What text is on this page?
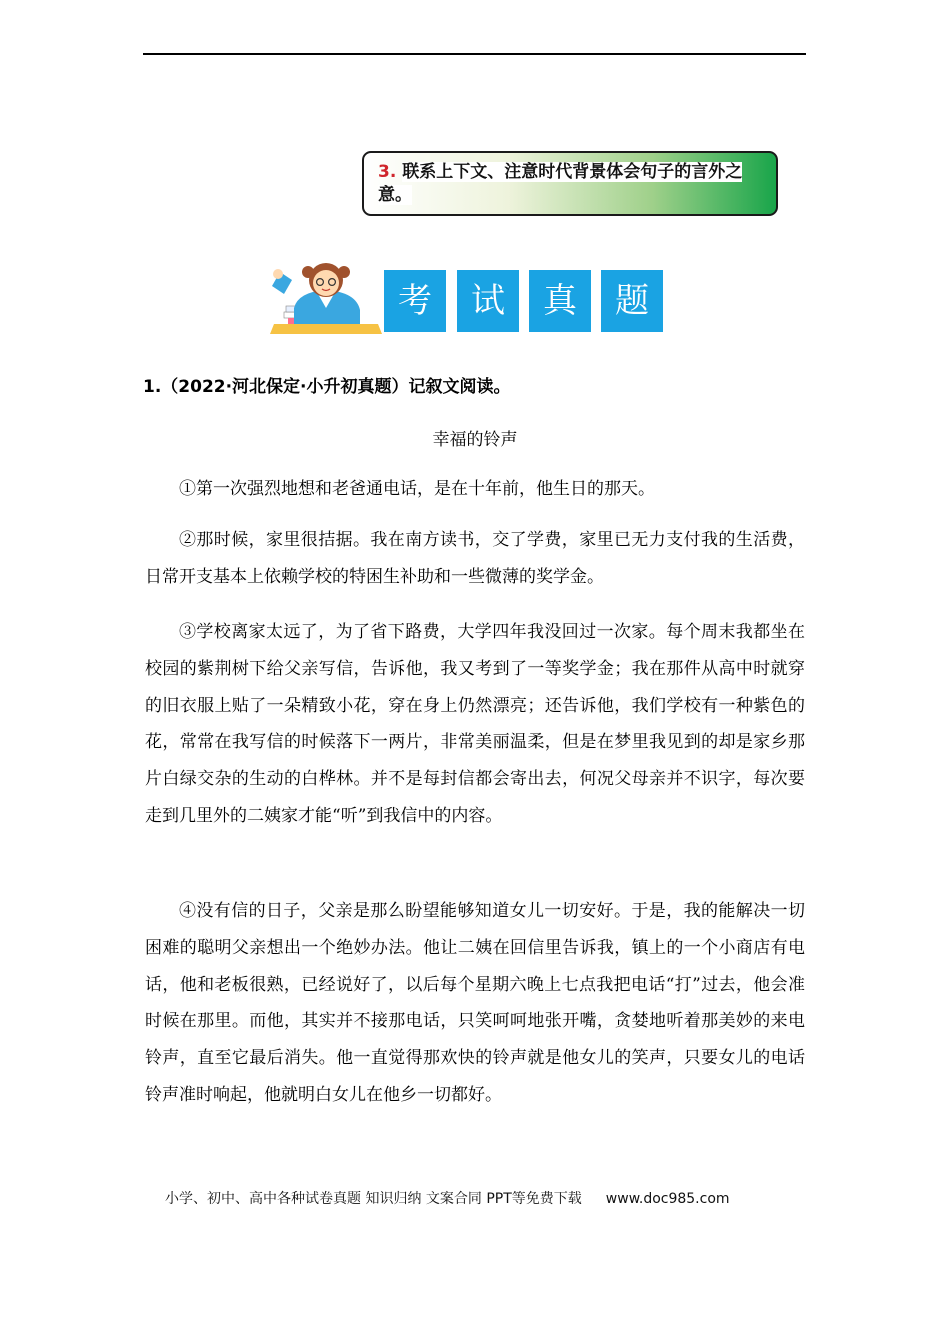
3. 联系上下文、注意时代背景体会句子的言外之意。
考	试	真	题
1.（2022·河北保定·小升初真题）记叙文阅读。
幸福的铃声

①第一次强烈地想和老爸通电话，是在十年前，他生日的那天。

②那时候，家里很拮据。我在南方读书，交了学费，家里已无力支付我的生活费，日常开支基本上依赖学校的特困生补助和一些微薄的奖学金。

③学校离家太远了，为了省下路费，大学四年我没回过一次家。每个周末我都坐在校园的紫荆树下给父亲写信，告诉他，我又考到了一等奖学金；我在那件从高中时就穿的旧衣服上贴了一朵精致小花，穿在身上仍然漂亮；还告诉他，我们学校有一种紫色的花，常常在我写信的时候落下一两片，非常美丽温柔，但是在梦里我见到的却是家乡那片白绿交杂的生动的白桦林。并不是每封信都会寄出去，何况父母亲并不识字，每次要走到几里外的二姨家才能“听”到我信中的内容。

④没有信的日子，父亲是那么盼望能够知道女儿一切安好。于是，我的能解决一切困难的聪明父亲想出一个绝妙办法。他让二姨在回信里告诉我，镇上的一个小商店有电话，他和老板很熟，已经说好了，以后每个星期六晚上七点我把电话“打”过去，他会准时候在那里。而他，其实并不接那电话，只笑呵呵地张开嘴，贪婪地听着那美妙的来电铃声，直至它最后消失。他一直觉得那欢快的铃声就是他女儿的笑声，只要女儿的电话铃声准时响起，他就明白女儿在他乡一切都好。

小学、初中、高中各种试卷真题 知识归纳 文案合同 PPT等免费下载 www.doc985.com
